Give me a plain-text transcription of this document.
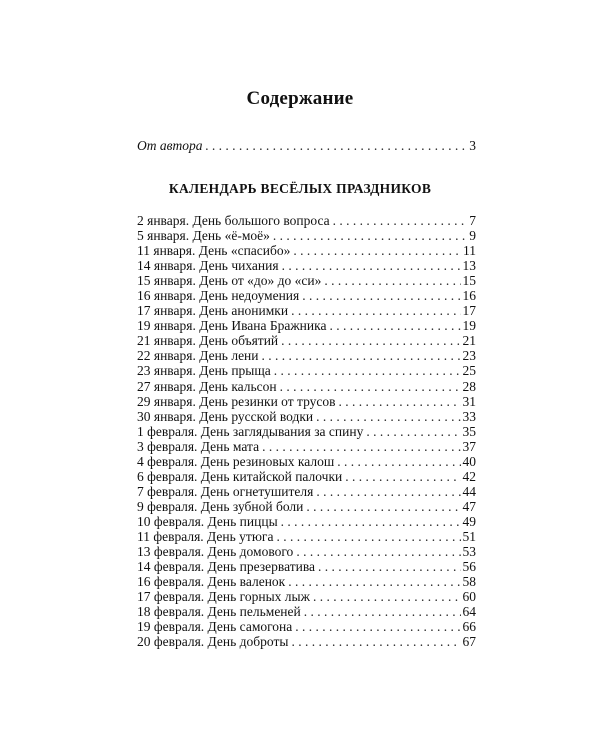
Содержание
От автора . . .	3
КАЛЕНДАРЬ ВЕСЁЛЫХ ПРАЗДНИКОВ
2 января. День большого вопроса . . .	7
5 января. День «ё-моё» . . .	9
11 января. День «спасибо» . . .	11
14 января. День чихания . . .	13
15 января. День от «до» до «си» . . .	15
16 января. День недоумения . . .	16
17 января. День анонимки . . .	17
19 января. День Ивана Бражника . . .	19
21 января. День объятий . . .	21
22 января. День лени . . .	23
23 января. День прыща . . .	25
27 января. День кальсон . . .	28
29 января. День резинки от трусов . . .	31
30 января. День русской водки . . .	33
1 февраля. День заглядывания за спину . . .	35
3 февраля. День мата . . .	37
4 февраля. День резиновых калош . . .	40
6 февраля. День китайской палочки . . .	42
7 февраля. День огнетушителя . . .	44
9 февраля. День зубной боли . . .	47
10 февраля. День пиццы . . .	49
11 февраля. День утюга . . .	51
13 февраля. День домового . . .	53
14 февраля. День презерватива . . .	56
16 февраля. День валенок . . .	58
17 февраля. День горных лыж . . .	60
18 февраля. День пельменей . . .	64
19 февраля. День самогона . . .	66
20 февраля. День доброты . . .	67
